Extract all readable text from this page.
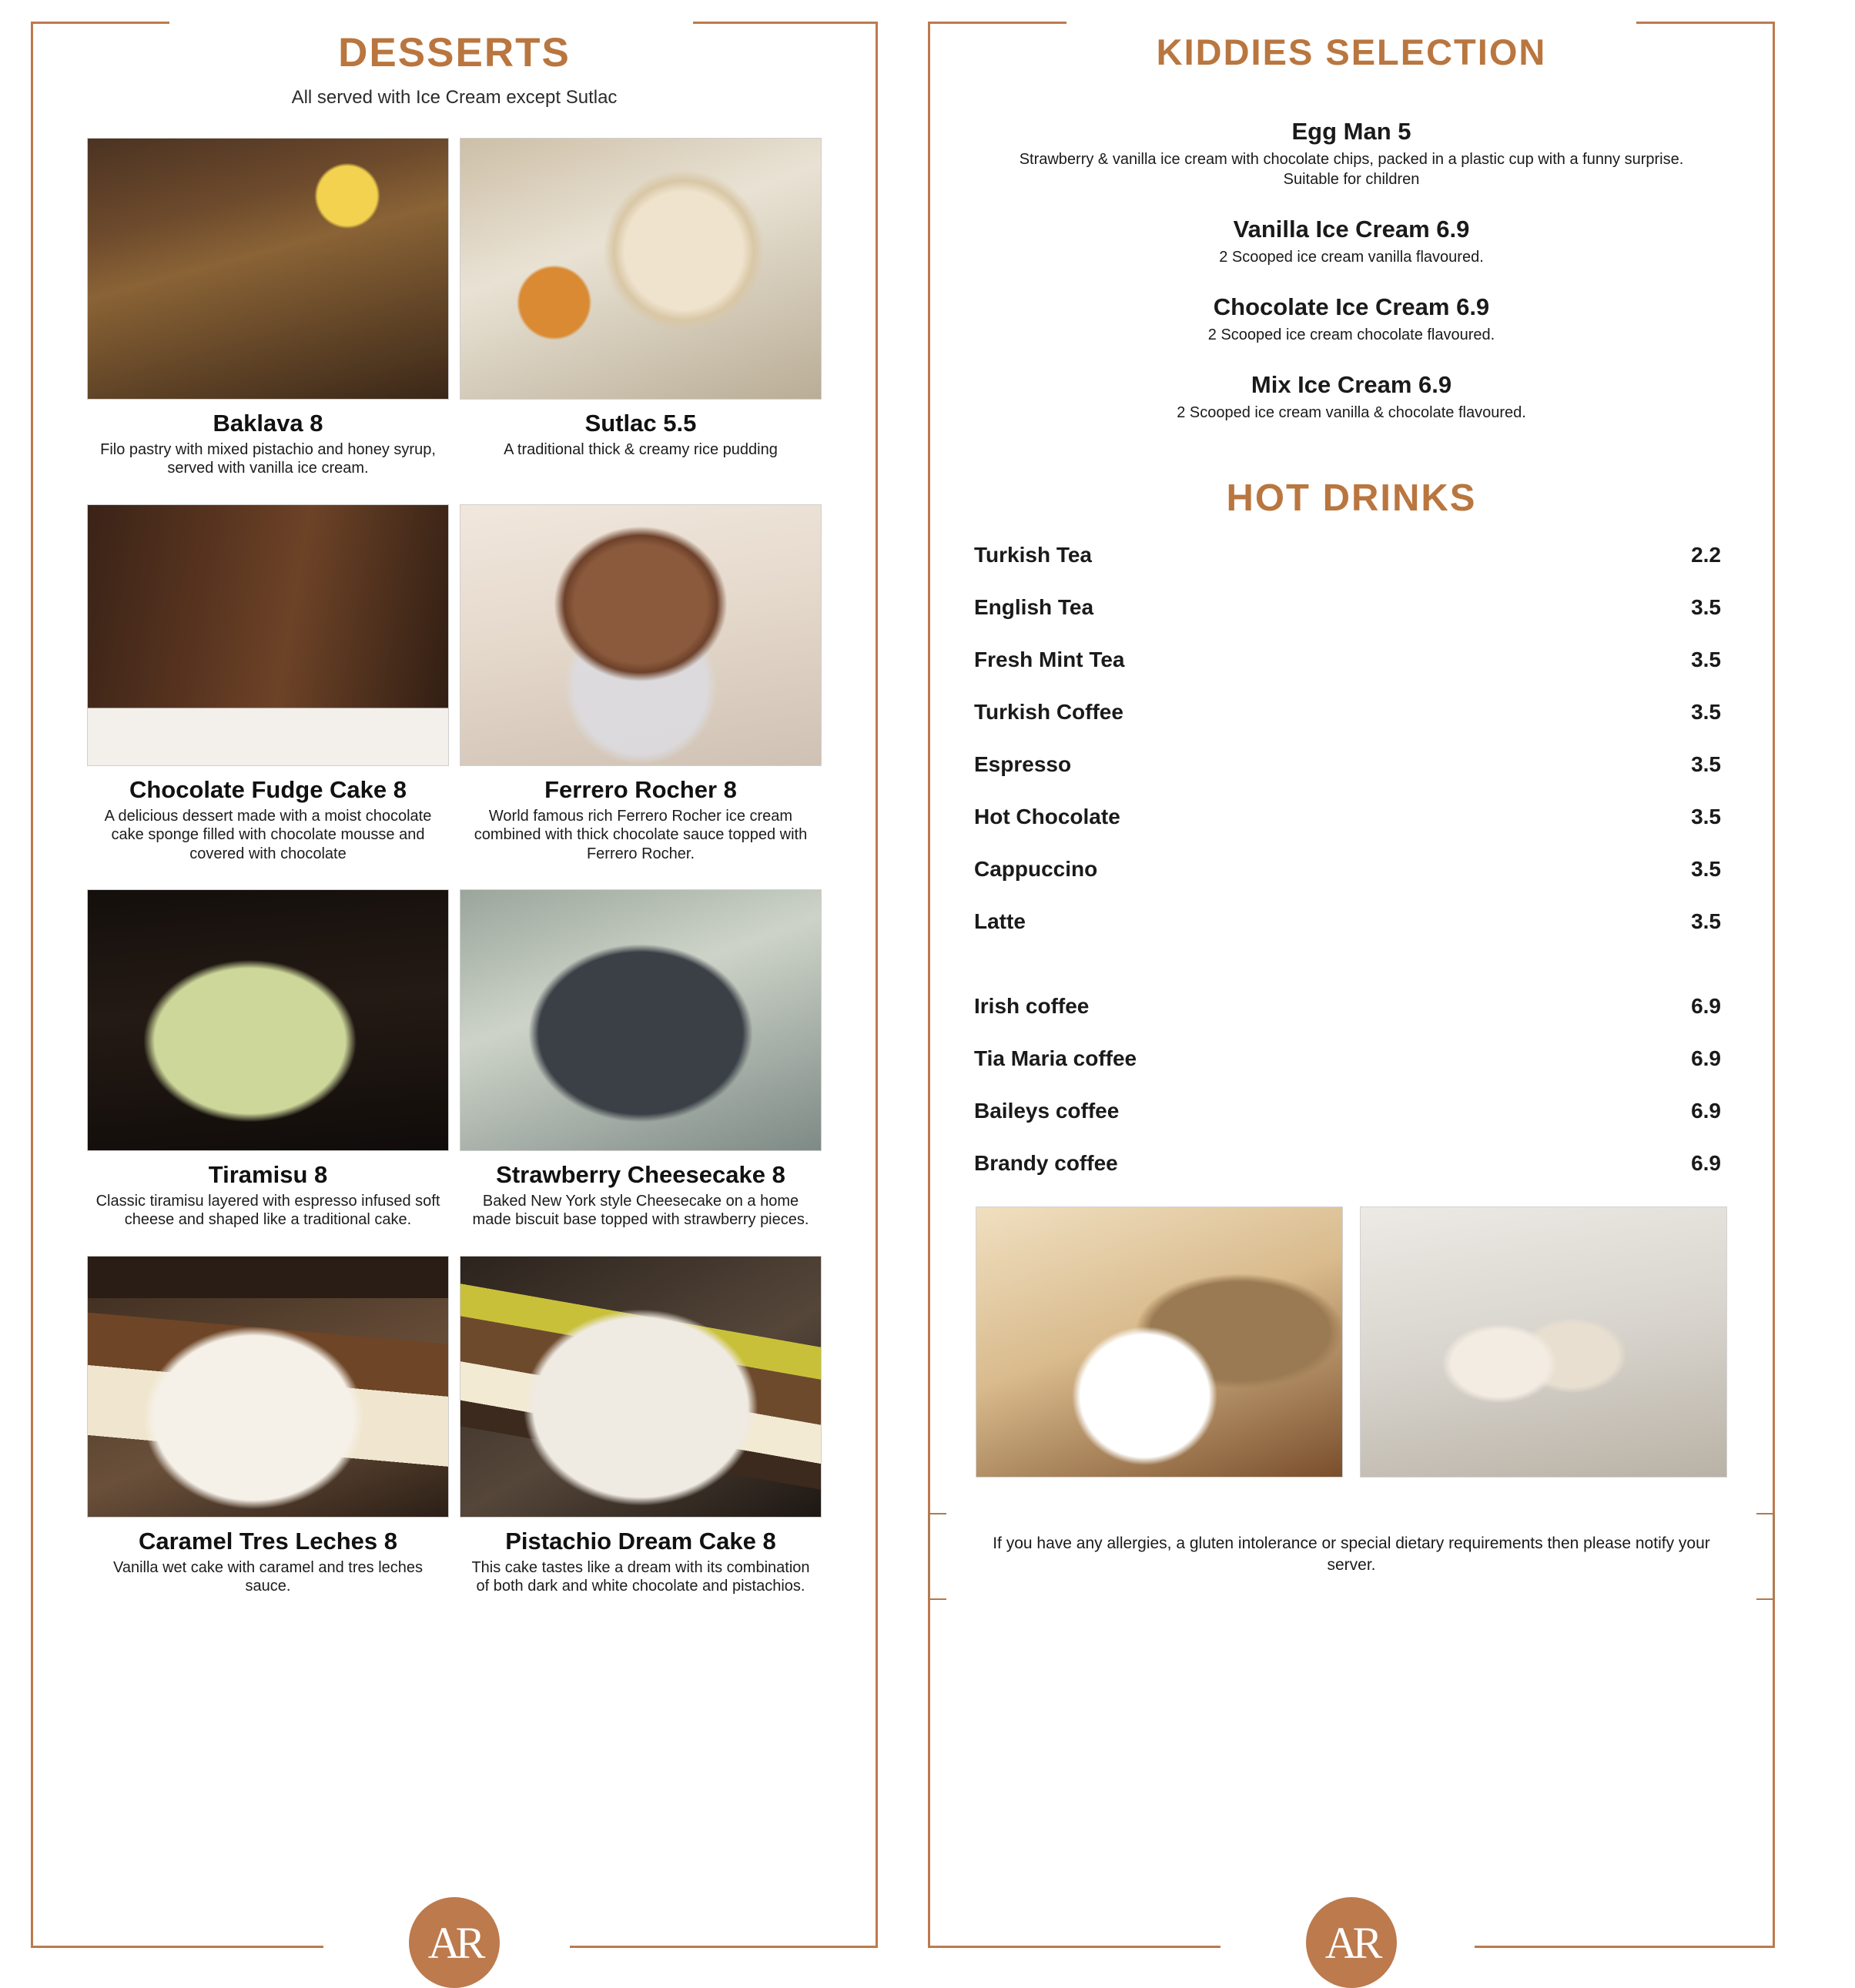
DESSERTS
All served with Ice Cream except Sutlac
Baklava 8
Filo pastry with mixed pistachio and honey syrup, served with vanilla ice cream.
Sutlac 5.5
A traditional thick & creamy rice pudding
Chocolate Fudge Cake 8
A delicious dessert made with a moist chocolate cake sponge filled with chocolate mousse and covered with chocolate
Ferrero Rocher 8
World famous rich Ferrero Rocher ice cream combined with thick chocolate sauce topped with Ferrero Rocher.
Tiramisu 8
Classic tiramisu layered with espresso infused soft cheese and shaped like a traditional cake.
Strawberry Cheesecake 8
Baked New York style Cheesecake on a home made biscuit base topped with strawberry pieces.
Caramel Tres Leches 8
Vanilla wet cake with caramel and tres leches sauce.
Pistachio Dream Cake 8
This cake tastes like a dream with its combination of both dark and white chocolate and pistachios.
AR
KIDDIES SELECTION
Egg Man 5
Strawberry & vanilla ice cream with chocolate chips, packed in a plastic cup with a funny surprise. Suitable for children
Vanilla Ice Cream 6.9
2 Scooped ice cream vanilla flavoured.
Chocolate Ice Cream 6.9
2 Scooped ice cream chocolate flavoured.
Mix Ice Cream 6.9
2 Scooped ice cream vanilla & chocolate flavoured.
HOT DRINKS
Turkish Tea	2.2
English Tea	3.5
Fresh Mint Tea	3.5
Turkish Coffee	3.5
Espresso	3.5
Hot Chocolate	3.5
Cappuccino	3.5
Latte	3.5
Irish coffee	6.9
Tia Maria coffee	6.9
Baileys coffee	6.9
Brandy coffee	6.9
If you have any allergies, a gluten intolerance or special dietary requirements then please notify your server.
AR
